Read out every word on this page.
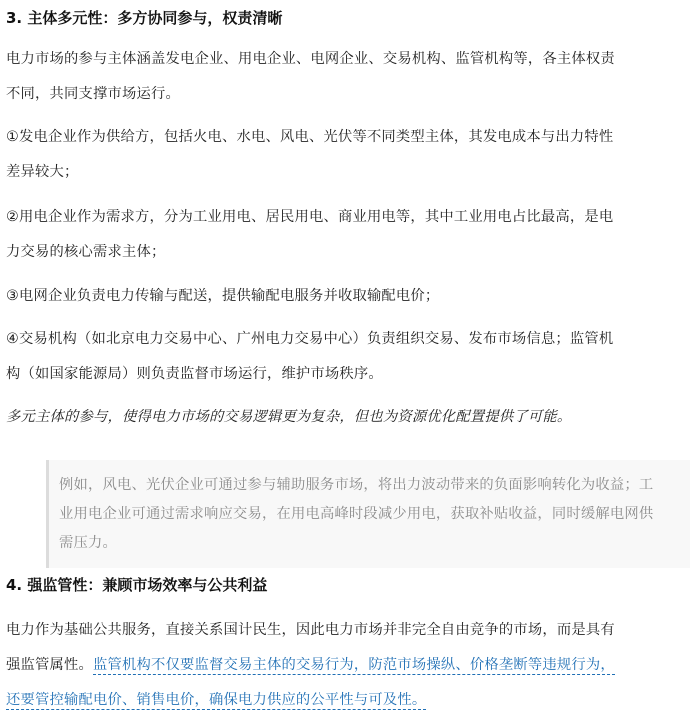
3. 主体多元性：多方协同参与，权责清晰

电力市场的参与主体涵盖发电企业、用电企业、电网企业、交易机构、监管机构等，各主体权责
不同，共同支撑市场运行。

①发电企业作为供给方，包括火电、水电、风电、光伏等不同类型主体，其发电成本与出力特性
差异较大；

②用电企业作为需求方，分为工业用电、居民用电、商业用电等，其中工业用电占比最高，是电
力交易的核心需求主体；

③电网企业负责电力传输与配送，提供输配电服务并收取输配电价；

④交易机构（如北京电力交易中心、广州电力交易中心）负责组织交易、发布市场信息；监管机
构（如国家能源局）则负责监督市场运行，维护市场秩序。

多元主体的参与，使得电力市场的交易逻辑更为复杂，但也为资源优化配置提供了可能。

例如，风电、光伏企业可通过参与辅助服务市场，将出力波动带来的负面影响转化为收益；工
业用电企业可通过需求响应交易，在用电高峰时段减少用电，获取补贴收益，同时缓解电网供
需压力。
4. 强监管性：兼顾市场效率与公共利益

电力作为基础公共服务，直接关系国计民生，因此电力市场并非完全自由竞争的市场，而是具有
强监管属性。监管机构不仅要监督交易主体的交易行为，防范市场操纵、价格垄断等违规行为，
还要管控输配电价、销售电价，确保电力供应的公平性与可及性。
